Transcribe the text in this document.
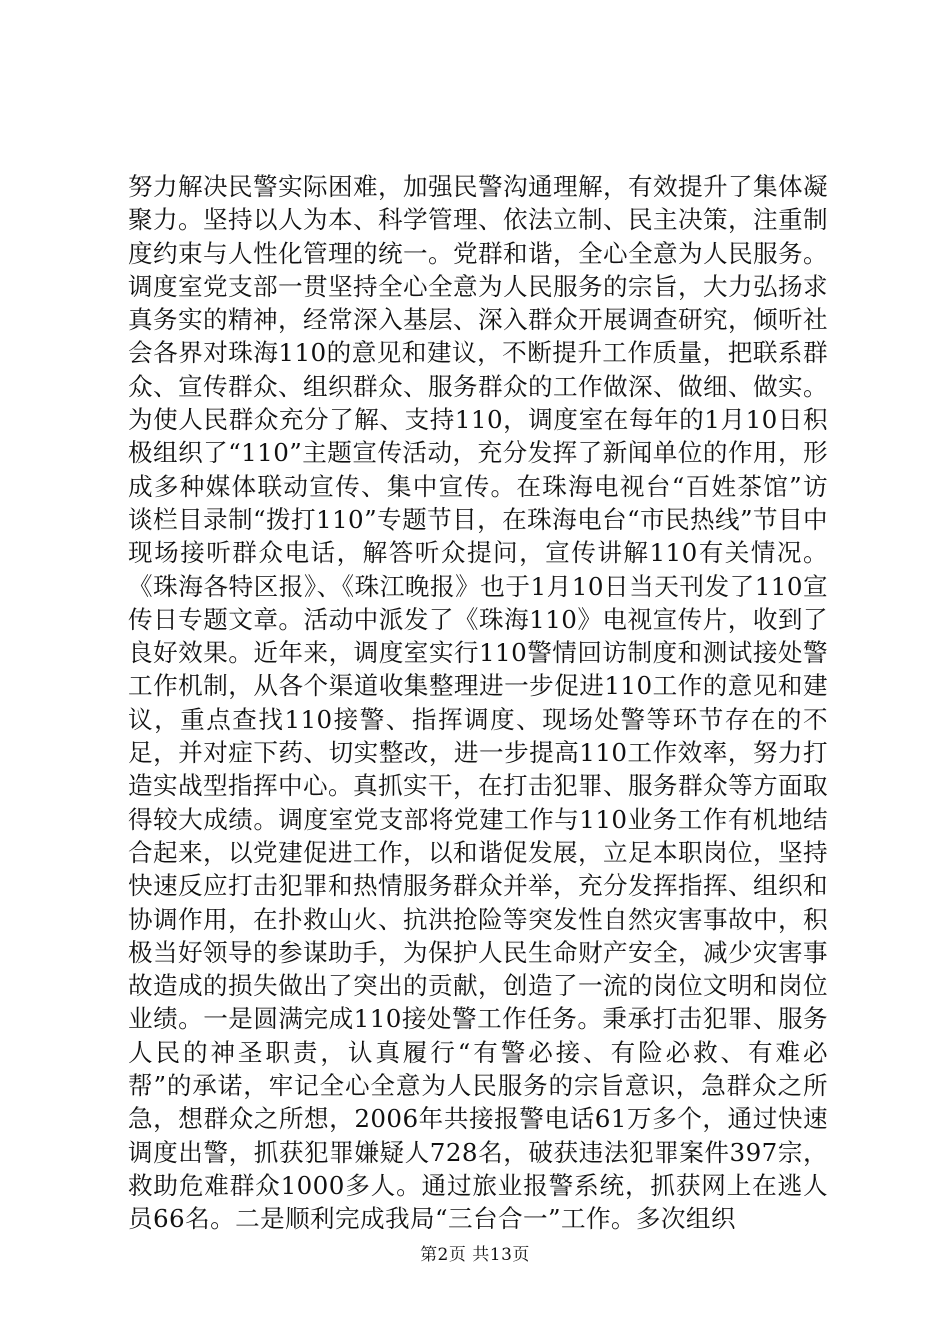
努力解决民警实际困难，加强民警沟通理解，有效提升了集体凝聚力。坚持以人为本、科学管理、依法立制、民主决策，注重制度约束与人性化管理的统一。党群和谐，全心全意为人民服务。调度室党支部一贯坚持全心全意为人民服务的宗旨，大力弘扬求真务实的精神，经常深入基层、深入群众开展调查研究，倾听社会各界对珠海110的意见和建议，不断提升工作质量，把联系群众、宣传群众、组织群众、服务群众的工作做深、做细、做实。为使人民群众充分了解、支持110，调度室在每年的1月10日积极组织了“110”主题宣传活动，充分发挥了新闻单位的作用，形成多种媒体联动宣传、集中宣传。在珠海电视台“百姓茶馆”访谈栏目录制“拨打110”专题节目，在珠海电台“市民热线”节目中现场接听群众电话，解答听众提问，宣传讲解110有关情况。《珠海各特区报》、《珠江晚报》也于1月10日当天刊发了110宣传日专题文章。活动中派发了《珠海110》电视宣传片，收到了良好效果。近年来，调度室实行110警情回访制度和测试接处警工作机制，从各个渠道收集整理进一步促进110工作的意见和建议，重点查找110接警、指挥调度、现场处警等环节存在的不足，并对症下药、切实整改，进一步提高110工作效率，努力打造实战型指挥中心。真抓实干，在打击犯罪、服务群众等方面取得较大成绩。调度室党支部将党建工作与110业务工作有机地结合起来，以党建促进工作，以和谐促发展，立足本职岗位，坚持快速反应打击犯罪和热情服务群众并举，充分发挥指挥、组织和协调作用，在扑救山火、抗洪抢险等突发性自然灾害事故中，积极当好领导的参谋助手，为保护人民生命财产安全，减少灾害事故造成的损失做出了突出的贡献，创造了一流的岗位文明和岗位业绩。一是圆满完成110接处警工作任务。秉承打击犯罪、服务人民的神圣职责，认真履行“有警必接、有险必救、有难必帮”的承诺，牢记全心全意为人民服务的宗旨意识，急群众之所急，想群众之所想，2006年共接报警电话61万多个，通过快速调度出警，抓获犯罪嫌疑人728名，破获违法犯罪案件397宗，救助危难群众1000多人。通过旅业报警系统，抓获网上在逃人员66名。二是顺利完成我局“三台合一”工作。多次组织

第2页 共13页
